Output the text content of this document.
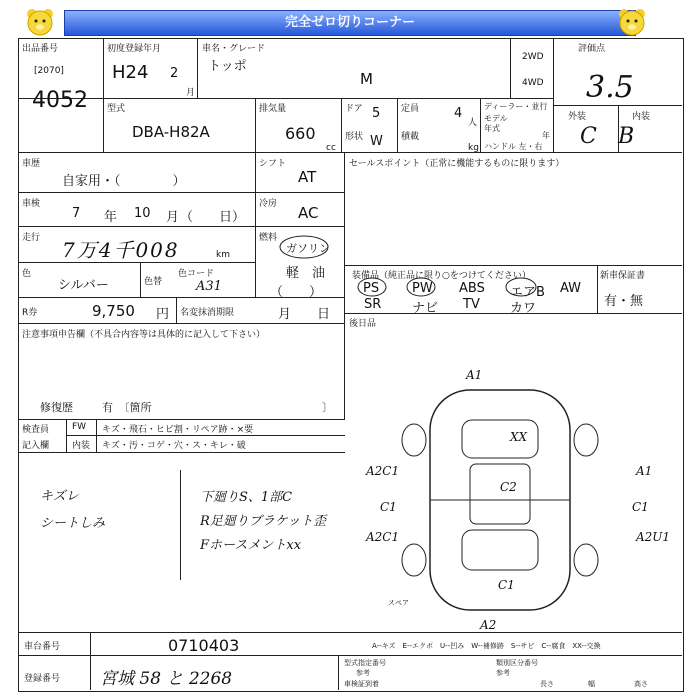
完全ゼロ切りコーナー
出品番号
[2070]
4052
初度登録年月
H24 2
月
車名・グレード
トッポ
M
2WD
4WD
評価点
3.5
外装	内装
C B
型式
DBA-H82A
排気量
660
cc
ドア 5
形状 W
定員	4
人
積載
kg
ディーラー・並行
モデル
年式
年
ハンドル 左・右
車歴
自家用・（　　　　）
シフト
AT
車検
7 年 10 月 （　　日）
冷房 AC
走行 7万4千008	km
燃料
ガソリン
軽　油
（　　）
色
シルバー	色替
色コード
A31
R券	9,750 円 名変抹消期限	月　　日
注意事項申告欄（不具合内容等は具体的に記入して下さい）
修復歴	有　〔箇所	〕
セールスポイント（正常に機能するものに限ります）
装備品（純正品に限り○をつけてください）	新車保証書
有・無
後日品
PS	PW ABS エアB AW
SR ナビ TV カワ
検査員
記入欄
FW キズ・飛石・ヒビ割・リペア跡・×要
内装 キズ・汚・コゲ・穴・ス・キレ・破
キズレ
シートしみ
下廻りS、1部C
R足廻りブラケット歪
Fホースメントxx
A1
XX
C2
A2C1
C1
A1
C1
A2C1	A2U1
C1
A2
スペア
A--キズ　E--エクボ　U--凹み　W--補修跡　S--サビ　C--腐食　XX--交換
車台番号	0710403
登録番号 宮城 58 と 2268
型式指定番号
参考
類別区分番号
車検証到着
参考
長さ	幅	高さ
